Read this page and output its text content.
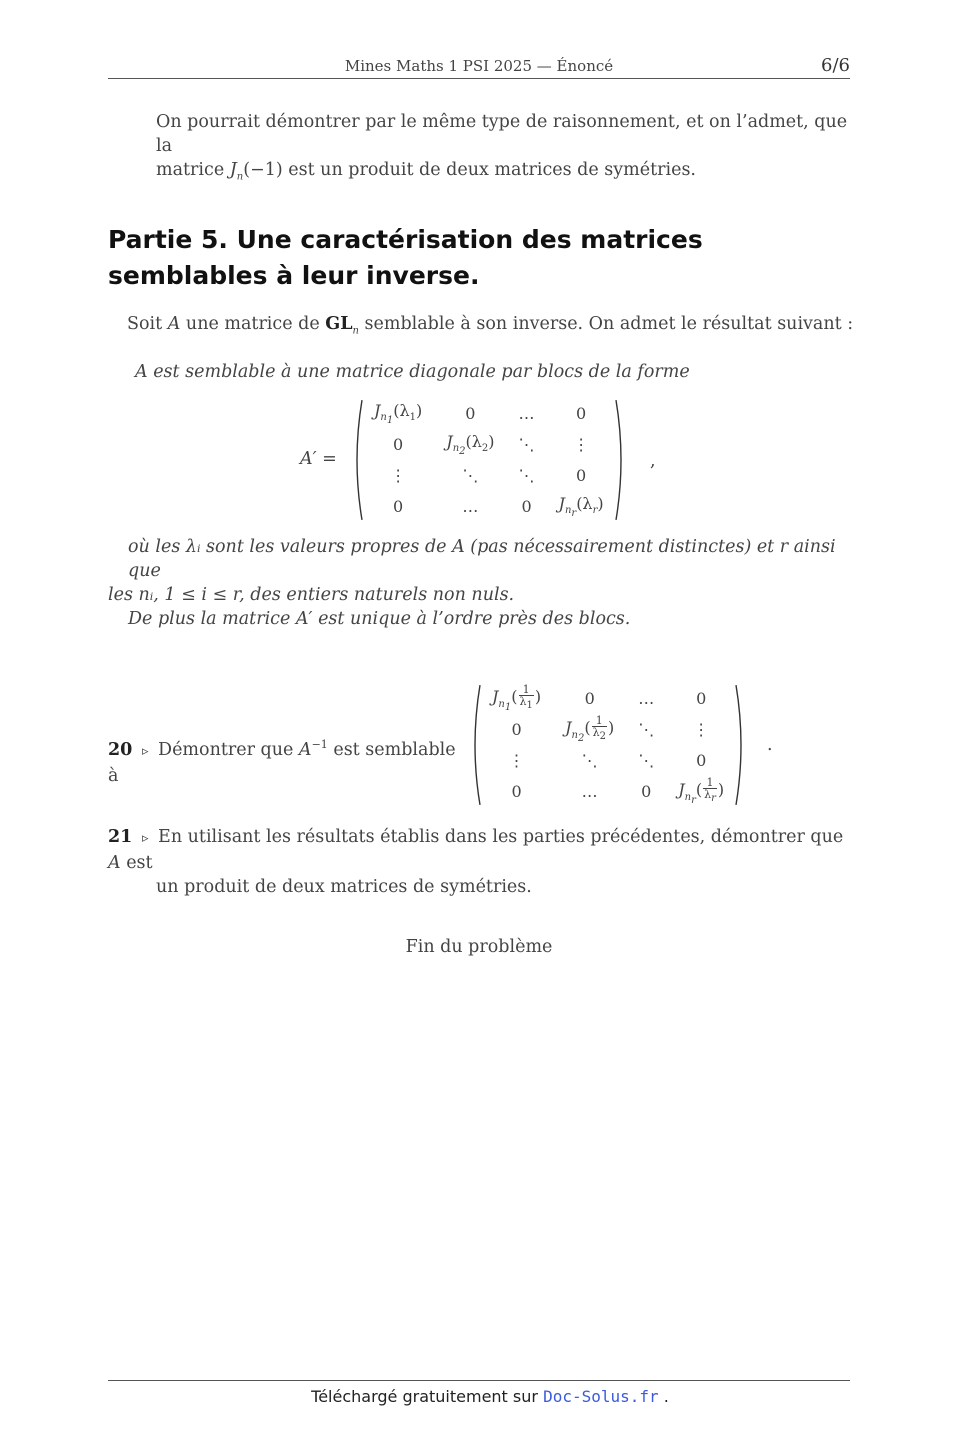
Mines Maths 1 PSI 2025 — Énoncé	6/6
On pourrait démontrer par le même type de raisonnement, et on l’admet, que la
matrice $J_n(-1)$ est un produit de deux matrices de symétries.
Partie 5. Une caractérisation des matrices semblables à leur inverse.
Soit A une matrice de $GL_n$ semblable à son inverse. On admet le résultat suivant :
A est semblable à une matrice diagonale par blocs de la forme
A′ =
$J_{n_1}(\lambda_1)$	0	…	0
0	$J_{n_2}(\lambda_2)$	⋱	⋮
⋮	⋱	⋱	0
0	…	0	$J_{n_r}(\lambda_r)$
,
où les λᵢ sont les valeurs propres de A (pas nécessairement distinctes) et r ainsi que
les nᵢ, 1 ≤ i ≤ r, des entiers naturels non nuls.
De plus la matrice A′ est unique à l’ordre près des blocs.
20 ▹ Démontrer que $A^{-1}$ est semblable à
$J_{n_1}( \frac{1}{\lambda_1}$ )	0	…	0
0	$J_{n_2}( \frac{1}{\lambda_2}$ )	⋱	⋮
⋮	⋱	⋱	0
0	…	0	$J_{n_r}( \frac{1}{\lambda_r}$ )
.
21 ▹ En utilisant les résultats établis dans les parties précédentes, démontrer que A est
un produit de deux matrices de symétries.
Fin du problème
Téléchargé gratuitement sur Doc-Solus.fr .
